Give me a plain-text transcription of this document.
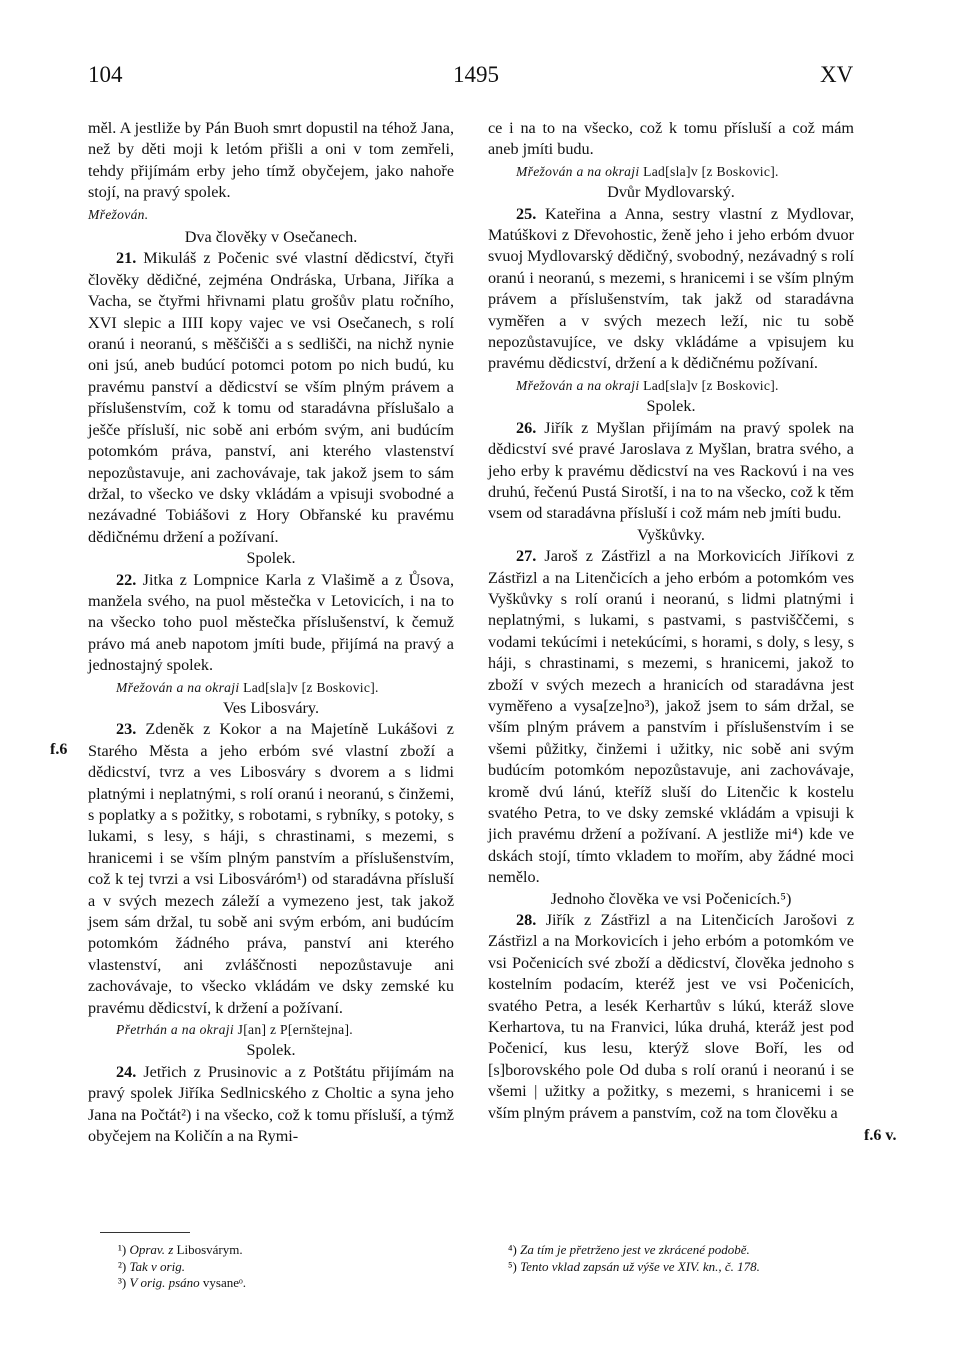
104	1495	XV
f.6
f.6 v.

měl. A jestliže by Pán Buoh smrt dopustil na téhož Jana, než by děti moji k letóm přišli a oni v tom zemřeli, tehdy přijímám erby jeho tímž obyčejem, jako nahoře stojí, na pravý spolek.

Mřežován.

Dva člověky v Osečanech.

21. Mikuláš z Počenic své vlastní dědicství, čtyři člověky dědičné, zejména Ondráska, Urbana, Jiříka a Vacha, se čtyřmi hřivnami platu grošův platu ročního, XVI slepic a IIII kopy vajec ve vsi Osečanech, s rolí oranú i neoranú, s měščišči a s sedlišči, na nichž nynie oni jsú, aneb budúcí potomci potom po nich budú, ku pravému panství a dědicství se vším plným právem a příslušenstvím, což k tomu od staradávna příslušalo a ješče přísluší, nic sobě ani erbóm svým, ani budúcím potomkóm práva, panství, ani kterého vlastenství nepozůstavuje, ani zachovávaje, tak jakož jsem to sám držal, to všecko ve dsky vkládám a vpisuji svobodné a nezávadné Tobiášovi z Hory Obřanské ku pravému dědičnému držení a požívaní.

Spolek.

22. Jitka z Lompnice Karla z Vlašimě a z Ůsova, manžela svého, na puol městečka v Letovicích, i na to na všecko toho puol městečka příslušenství, k čemuž právo má aneb napotom jmíti bude, přijímá na pravý a jednostajný spolek.

Mřežován a na okraji Lad[sla]v [z Boskovic].

Ves Libosváry.

23. Zdeněk z Kokor a na Majetíně Lukášovi z Starého Města a jeho erbóm své vlastní zboží a dědicství, tvrz a ves Libosváry s dvorem a s lidmi platnými i neplatnými, s rolí oranú i neoranú, s činžemi, s poplatky a s požitky, s robotami, s rybníky, s potoky, s lukami, s lesy, s háji, s chrastinami, s mezemi, s hranicemi i se vším plným panstvím a příslušenstvím, což k tej tvrzi a vsi Libosváróm¹) od staradávna přísluší a v svých mezech záleží a vymezeno jest, tak jakož jsem sám držal, tu sobě ani svým erbóm, ani budúcím potomkóm žádného práva, panství ani kterého vlastenství, ani zvláščnosti nepozůstavuje ani zachovávaje, to všecko vkládám ve dsky zemské ku pravému dědicství, k držení a požívaní.

Přetrhán a na okraji J[an] z P[ernštejna].

Spolek.

24. Jetřich z Prusinovic a z Potštátu přijímám na pravý spolek Jiříka Sedlnicského z Choltic a syna jeho Jana na Počtát²) i na všecko, což k tomu přísluší, a týmž obyčejem na Količín a na Rymi-

ce i na to na všecko, což k tomu přísluší a což mám aneb jmíti budu.

Mřežován a na okraji Lad[sla]v [z Boskovic].

Dvůr Mydlovarský.

25. Kateřina a Anna, sestry vlastní z Mydlovar, Matúškovi z Dřevohostic, ženě jeho i jeho erbóm dvuor svuoj Mydlovarský dědičný, svobodný, nezávadný s rolí oranú i neoranú, s mezemi, s hranicemi i se vším plným právem a příslušenstvím, tak jakž od staradávna vyměřen a v svých mezech leží, nic tu sobě nepozůstavujíce, ve dsky vkládáme a vpisujem ku pravému dědicství, držení a k dědičnému požívaní.

Mřežován a na okraji Lad[sla]v [z Boskovic].

Spolek.

26. Jiřík z Myšlan přijímám na pravý spolek na dědicství své pravé Jaroslava z Myšlan, bratra svého, a jeho erby k pravému dědicství na ves Rackovú i na ves druhú, řečenú Pustá Sirotší, i na to na všecko, což k těm vsem od staradávna přísluší i což mám neb jmíti budu.

Vyškůvky.

27. Jaroš z Zástřizl a na Morkovicích Jiříkovi z Zástřizl a na Litenčicích a jeho erbóm a potomkóm ves Vyškůvky s rolí oranú i neoranú, s lidmi platnými i neplatnými, s lukami, s pastvami, s pastvišččemi, s vodami tekúcími i netekúcími, s horami, s doly, s lesy, s háji, s chrastinami, s mezemi, s hranicemi, jakož to zboží v svých mezech a hranicích od staradávna jest vyměřeno a vysa[ze]no³), jakož jsem to sám držal, se vším plným právem a panstvím i příslušenstvím i se všemi půžitky, činžemi i užitky, nic sobě ani svým budúcím potomkóm nepozůstavuje, ani zachovávaje, kromě dvú lánú, kteříž sluší do Litenčic k kostelu svatého Petra, to ve dsky zemské vkládám a vpisuji k jich pravému držení a požívaní. A jestliže mi⁴) kde ve dskách stojí, tímto vkladem to mořím, aby žádné moci nemělo.

Jednoho člověka ve vsi Počenicích.⁵)

28. Jiřík z Zástřizl a na Litenčicích Jarošovi z Zástřizl a na Morkovicích i jeho erbóm a potomkóm ve vsi Počenicích své zboží a dědicství, člověka jednoho s kostelním podacím, kteréž jest ve vsi Počenicích, svatého Petra, a lesék Kerhartův s lúkú, kteráž slove Kerhartova, tu na Franvici, lúka druhá, kteráž jest pod Počenicí, kus lesu, kterýž slove Boří, les od [s]borovského pole Od duba s rolí oranú i neoranú i se všemi | užitky a požitky, s mezemi, s hranicemi i se vším plným právem a panstvím, což na tom člověku a

¹) Oprav. z Libosvárym.

²) Tak v orig.

³) V orig. psáno vysaneᵒ.

⁴) Za tím je přetrženo jest ve zkrácené podobě.

⁵) Tento vklad zapsán už výše ve XIV. kn., č. 178.
